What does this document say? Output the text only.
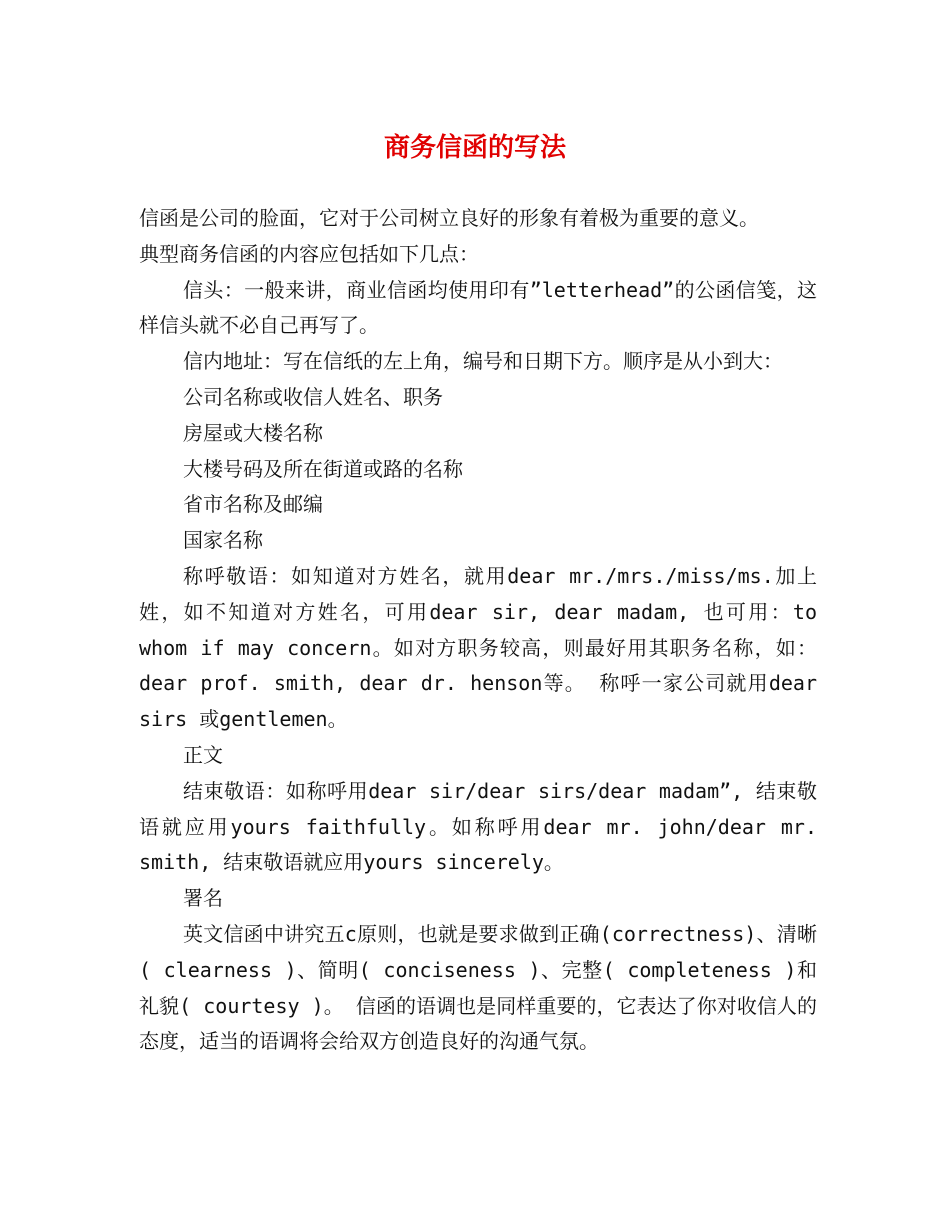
商务信函的写法

信函是公司的脸面，它对于公司树立良好的形象有着极为重要的意义。

典型商务信函的内容应包括如下几点：

信头：一般来讲，商业信函均使用印有”letterhead”的公函信笺，这样信头就不必自己再写了。

信内地址：写在信纸的左上角，编号和日期下方。顺序是从小到大：

公司名称或收信人姓名、职务

房屋或大楼名称

大楼号码及所在街道或路的名称

省市名称及邮编

国家名称

称呼敬语：如知道对方姓名，就用dear mr./mrs./miss/ms.加上姓，如不知道对方姓名，可用dear sir, dear madam, 也可用：to whom if may concern。如对方职务较高，则最好用其职务名称，如：dear prof. smith, dear dr. henson等。 称呼一家公司就用dear sirs 或gentlemen。

正文

结束敬语：如称呼用dear sir/dear sirs/dear madam”, 结束敬语就应用yours faithfully。如称呼用dear mr. john/dear mr. smith, 结束敬语就应用yours sincerely。

署名

英文信函中讲究五c原则，也就是要求做到正确(correctness)、清晰( clearness )、简明( conciseness )、完整( completeness )和礼貌( courtesy )。 信函的语调也是同样重要的，它表达了你对收信人的态度，适当的语调将会给双方创造良好的沟通气氛。
